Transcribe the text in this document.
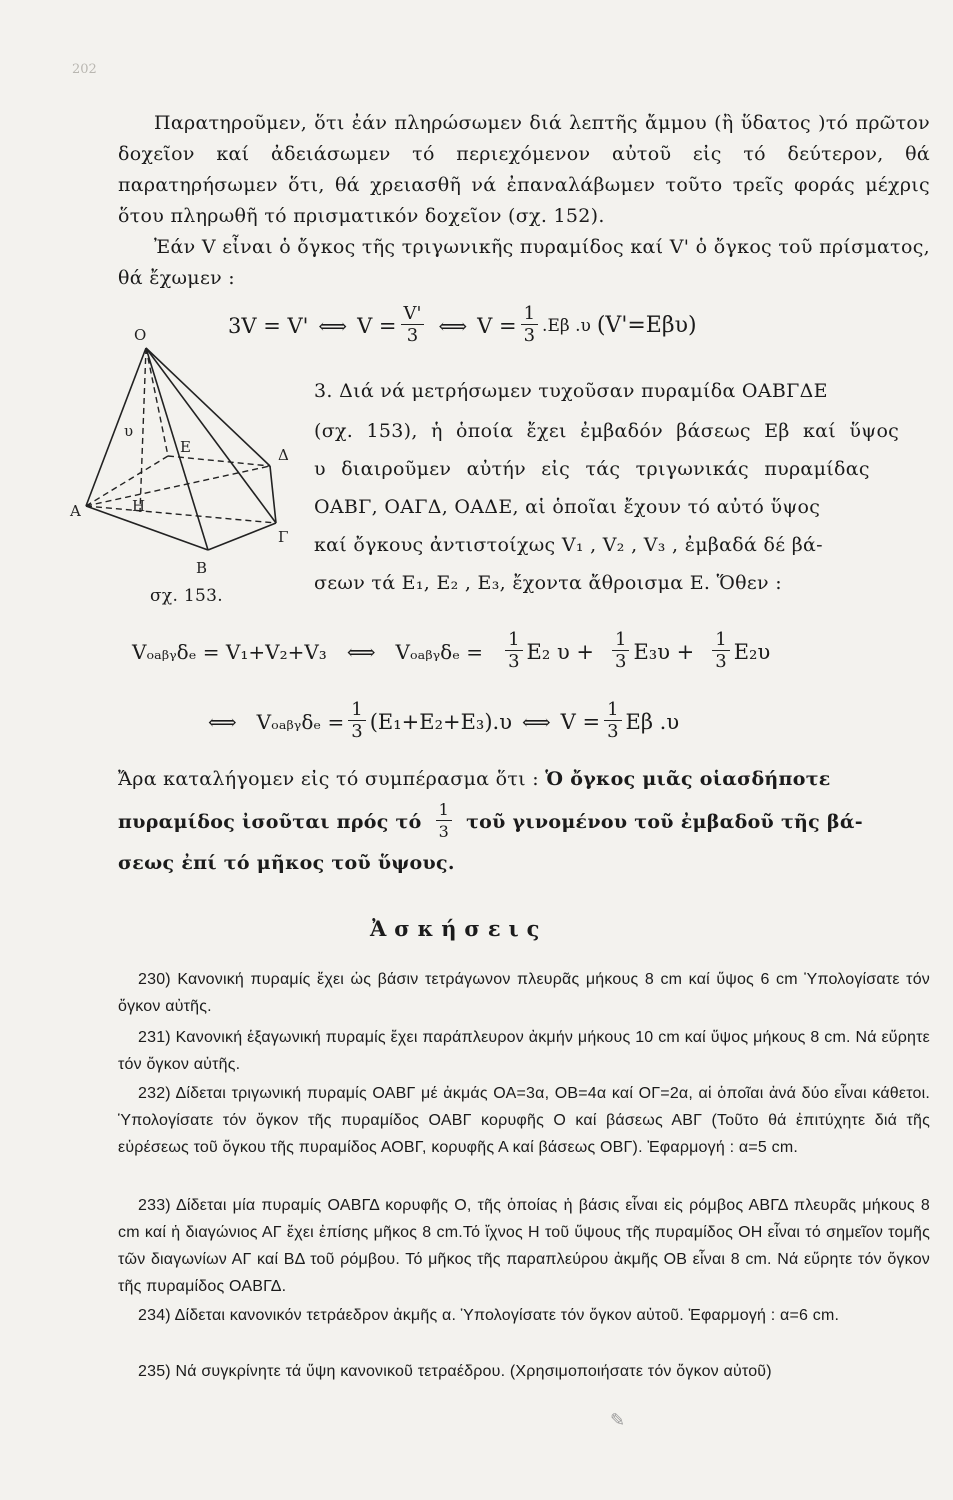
202
Παρατηροῦμεν, ὅτι ἐάν πληρώσωμεν διά λεπτῆς ἄμμου (ἢ ὕδατος )τό πρῶτον δοχεῖον καί ἀδειάσωμεν τό περιεχόμενον αὐτοῦ εἰς τό δεύτερον, θά παρατηρήσωμεν ὅτι, θά χρειασθῆ νά ἐπαναλάβωμεν τοῦτο τρεῖς φοράς μέχρις ὅτου πληρωθῆ τό πρισματικόν δοχεῖον (σχ. 152).
Ἐάν V εἶναι ὁ ὄγκος τῆς τριγωνικῆς πυραμίδος καί V' ὁ ὄγκος τοῦ πρίσματος, θά ἔχωμεν :
3V = V' ⟺ $V = \frac{V'}{3}$ ⟺ $V = \frac{1}{3} .E\beta$ .υ (V'=Eβυ)
O
A
B
Γ
Δ
E
H
υ
σχ. 153.
3. Διά νά μετρήσωμεν τυχοῦσαν πυραμίδα ΟΑΒΓΔΕ
(σχ. 153), ἡ ὁποία ἔχει ἐμβαδόν βάσεως Eβ καί ὕψος
υ διαιροῦμεν αὐτήν εἰς τάς τριγωνικάς πυραμίδας
ΟΑΒΓ, ΟΑΓΔ, ΟΑΔΕ, αἱ ὁποῖαι ἔχουν τό αὐτό ὕψος
καί ὄγκους ἀντιστοίχως V₁ , V₂ , V₃ , ἐμβαδά δέ βά-
σεων τά E₁, E₂ , E₃, ἔχοντα ἄθροισμα E. Ὅθεν :
Vₒₐᵦᵧδₑ = V₁+V₂+V₃ ⟺ Vₒₐᵦᵧδₑ = $\frac{1}{3} E_2$ $\upsilon + \frac{1}{3} E_3\upsilon + \frac{1}{3} E_2\upsilon$
⟺ Vₒₐᵦᵧδₑ = $\frac{1}{3} (E_1+E_2+E_3).\upsilon$ ⟺ $V = \frac{1}{3}$ Eβ .υ
Ἄρα καταλήγομεν εἰς τό συμπέρασμα ὅτι : Ὁ ὄγκος μιᾶς οἱασδήποτε
πυραμίδος ἰσοῦται πρός τό $\frac{1}{3}$ τοῦ γινομένου τοῦ ἐμβαδοῦ τῆς βά-
σεως ἐπί τό μῆκος τοῦ ὕψους.
Ἀ σ κ ή σ ε ι ς
230) Κανονική πυραμίς ἔχει ὡς βάσιν τετράγωνον πλευρᾶς μήκους 8 cm καί ὕψος 6 cm Ὑπολογίσατε τόν ὄγκον αὐτῆς.
231) Κανονική ἑξαγωνική πυραμίς ἔχει παράπλευρον ἀκμήν μήκους 10 cm καί ὕψος μήκους 8 cm. Νά εὕρητε τόν ὄγκον αὐτῆς.
232) Δίδεται τριγωνική πυραμίς ΟΑΒΓ μέ ἀκμάς ΟΑ=3α, ΟΒ=4α καί ΟΓ=2α, αἱ ὁποῖαι ἀνά δύο εἶναι κάθετοι. Ὑπολογίσατε τόν ὄγκον τῆς πυραμίδος ΟΑΒΓ κορυφῆς Ο καί βάσεως ΑΒΓ (Τοῦτο θά ἐπιτύχητε διά τῆς εὑρέσεως τοῦ ὄγκου τῆς πυραμίδος ΑΟΒΓ, κορυφῆς Α καί βάσεως ΟΒΓ). Ἐφαρμογή : α=5 cm.
233) Δίδεται μία πυραμίς ΟΑΒΓΔ κορυφῆς Ο, τῆς ὁποίας ἡ βάσις εἶναι εἰς ρόμβος ΑΒΓΔ πλευρᾶς μήκους 8 cm καί ἡ διαγώνιος ΑΓ ἔχει ἐπίσης μῆκος 8 cm.Τό ἴχνος Η τοῦ ὕψους τῆς πυραμίδος ΟΗ εἶναι τό σημεῖον τομῆς τῶν διαγωνίων ΑΓ καί ΒΔ τοῦ ρόμβου. Τό μῆκος τῆς παραπλεύρου ἀκμῆς ΟΒ εἶναι 8 cm. Νά εὕρητε τόν ὄγκον τῆς πυραμίδος ΟΑΒΓΔ.
234) Δίδεται κανονικόν τετράεδρον ἀκμῆς α. Ὑπολογίσατε τόν ὄγκον αὐτοῦ. Ἐφαρμογή : α=6 cm.
235) Νά συγκρίνητε τά ὕψη κανονικοῦ τετραέδρου. (Χρησιμοποιήσατε τόν ὄγκον αὐτοῦ)
✎
